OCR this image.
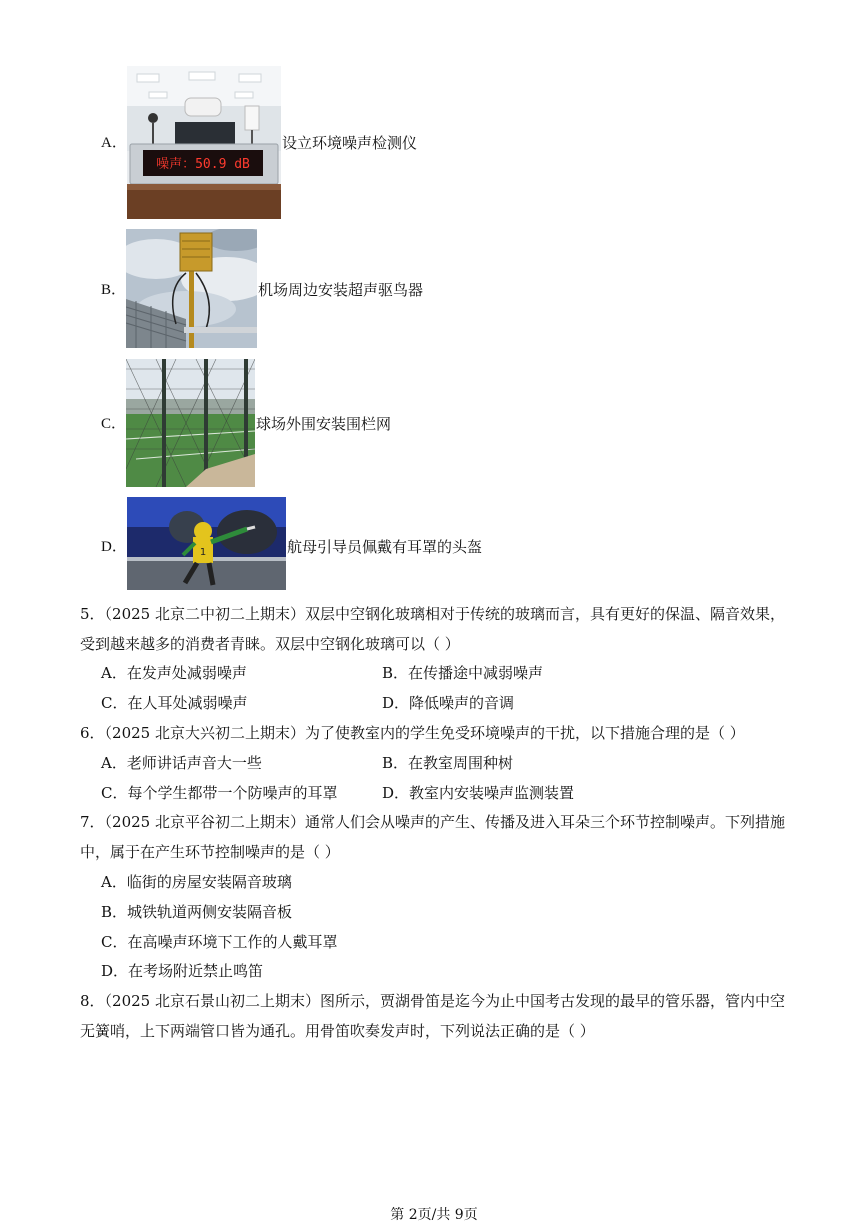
A．
噪声：50.9 dB
设立环境噪声检测仪
B．	机场周边安装超声驱鸟器
C．	球场外围安装围栏网
D．	1	航母引导员佩戴有耳罩的头盔
5．（2025 北京二中初二上期末）双层中空钢化玻璃相对于传统的玻璃而言，具有更好的保温、隔音效果，
受到越来越多的消费者青睐。双层中空钢化玻璃可以（ ）
A．在发声处减弱噪声	B．在传播途中减弱噪声
C．在人耳处减弱噪声	D．降低噪声的音调
6．（2025 北京大兴初二上期末）为了使教室内的学生免受环境噪声的干扰，以下措施合理的是（ ）
A．老师讲话声音大一些	B．在教室周围种树
C．每个学生都带一个防噪声的耳罩	D．教室内安装噪声监测装置
7．（2025 北京平谷初二上期末）通常人们会从噪声的产生、传播及进入耳朵三个环节控制噪声。下列措施
中，属于在产生环节控制噪声的是（ ）
A．临街的房屋安装隔音玻璃
B．城铁轨道两侧安装隔音板
C．在高噪声环境下工作的人戴耳罩
D．在考场附近禁止鸣笛
8．（2025 北京石景山初二上期末）图所示，贾湖骨笛是迄今为止中国考古发现的最早的管乐器，管内中空
无簧哨，上下两端管口皆为通孔。用骨笛吹奏发声时，下列说法正确的是（ ）
第 2页/共 9页
